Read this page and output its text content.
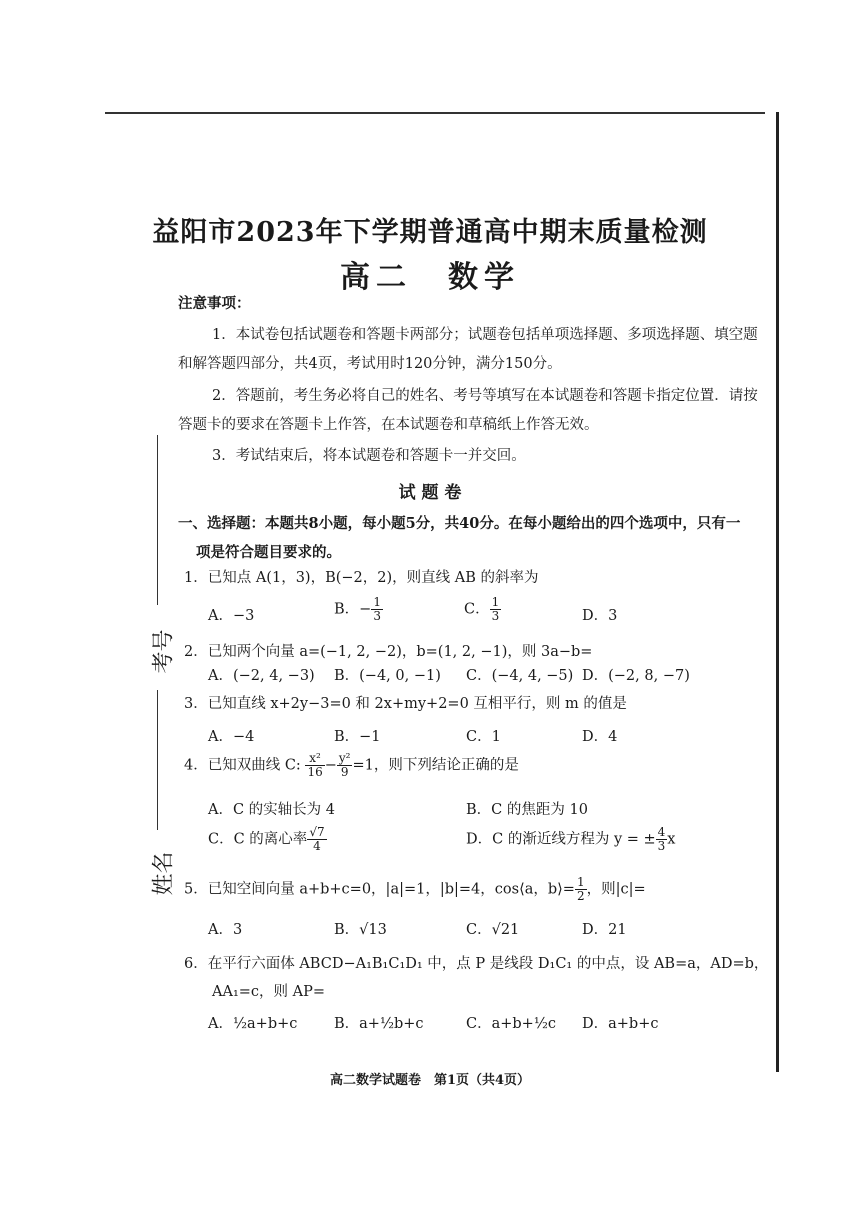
益阳市2023年下学期普通高中期末质量检测
高二　数学
注意事项：
1．本试卷包括试题卷和答题卡两部分；试题卷包括单项选择题、多项选择题、填空题
和解答题四部分，共4页，考试用时120分钟，满分150分。
2．答题前，考生务必将自己的姓名、考号等填写在本试题卷和答题卡指定位置．请按
答题卡的要求在答题卡上作答，在本试题卷和草稿纸上作答无效。
3．考试结束后，将本试题卷和答题卡一并交回。
试 题 卷
一、选择题：本题共8小题，每小题5分，共40分。在每小题给出的四个选项中，只有一
项是符合题目要求的。
考号
姓名
1．已知点 A(1，3)，B(−2，2)，则直线 AB 的斜率为
A．−3	B．− $\frac{1}{3}$	C． $\frac{1}{3}$	D．3
2．已知两个向量 a=(−1, 2, −2)，b=(1, 2, −1)，则 3a−b=
A．(−2, 4, −3) B．(−4, 0, −1) C．(−4, 4, −5) D．(−2, 8, −7)
3．已知直线 x+2y−3=0 和 2x+my+2=0 互相平行，则 m 的值是
A．−4	B．−1	C．1	D．4
4．已知双曲线 C: $\frac{\text{x²}}{16} - \frac{\text{y²}}{9} =1$，则下列结论正确的是
A．C 的实轴长为 4	B．C 的焦距为 10
C．C 的离心率 $\frac{√7}{4}$	D．C 的渐近线方程为 y = ± $\frac{4}{3}$ x
5．已知空间向量 a+b+c=0，|a|=1，|b|=4，cos⟨a，b⟩= $\frac{1}{2}$ ，则|c|=
A．3	B．√13	C．√21	D．21
6．在平行六面体 ABCD−A₁B₁C₁D₁ 中，点 P 是线段 D₁C₁ 的中点，设 AB=a，AD=b，
AA₁=c，则 AP=
A．½a+b+c	B．a+½b+c	C．a+b+½c D．a+b+c
高二数学试题卷　第1页（共4页）
